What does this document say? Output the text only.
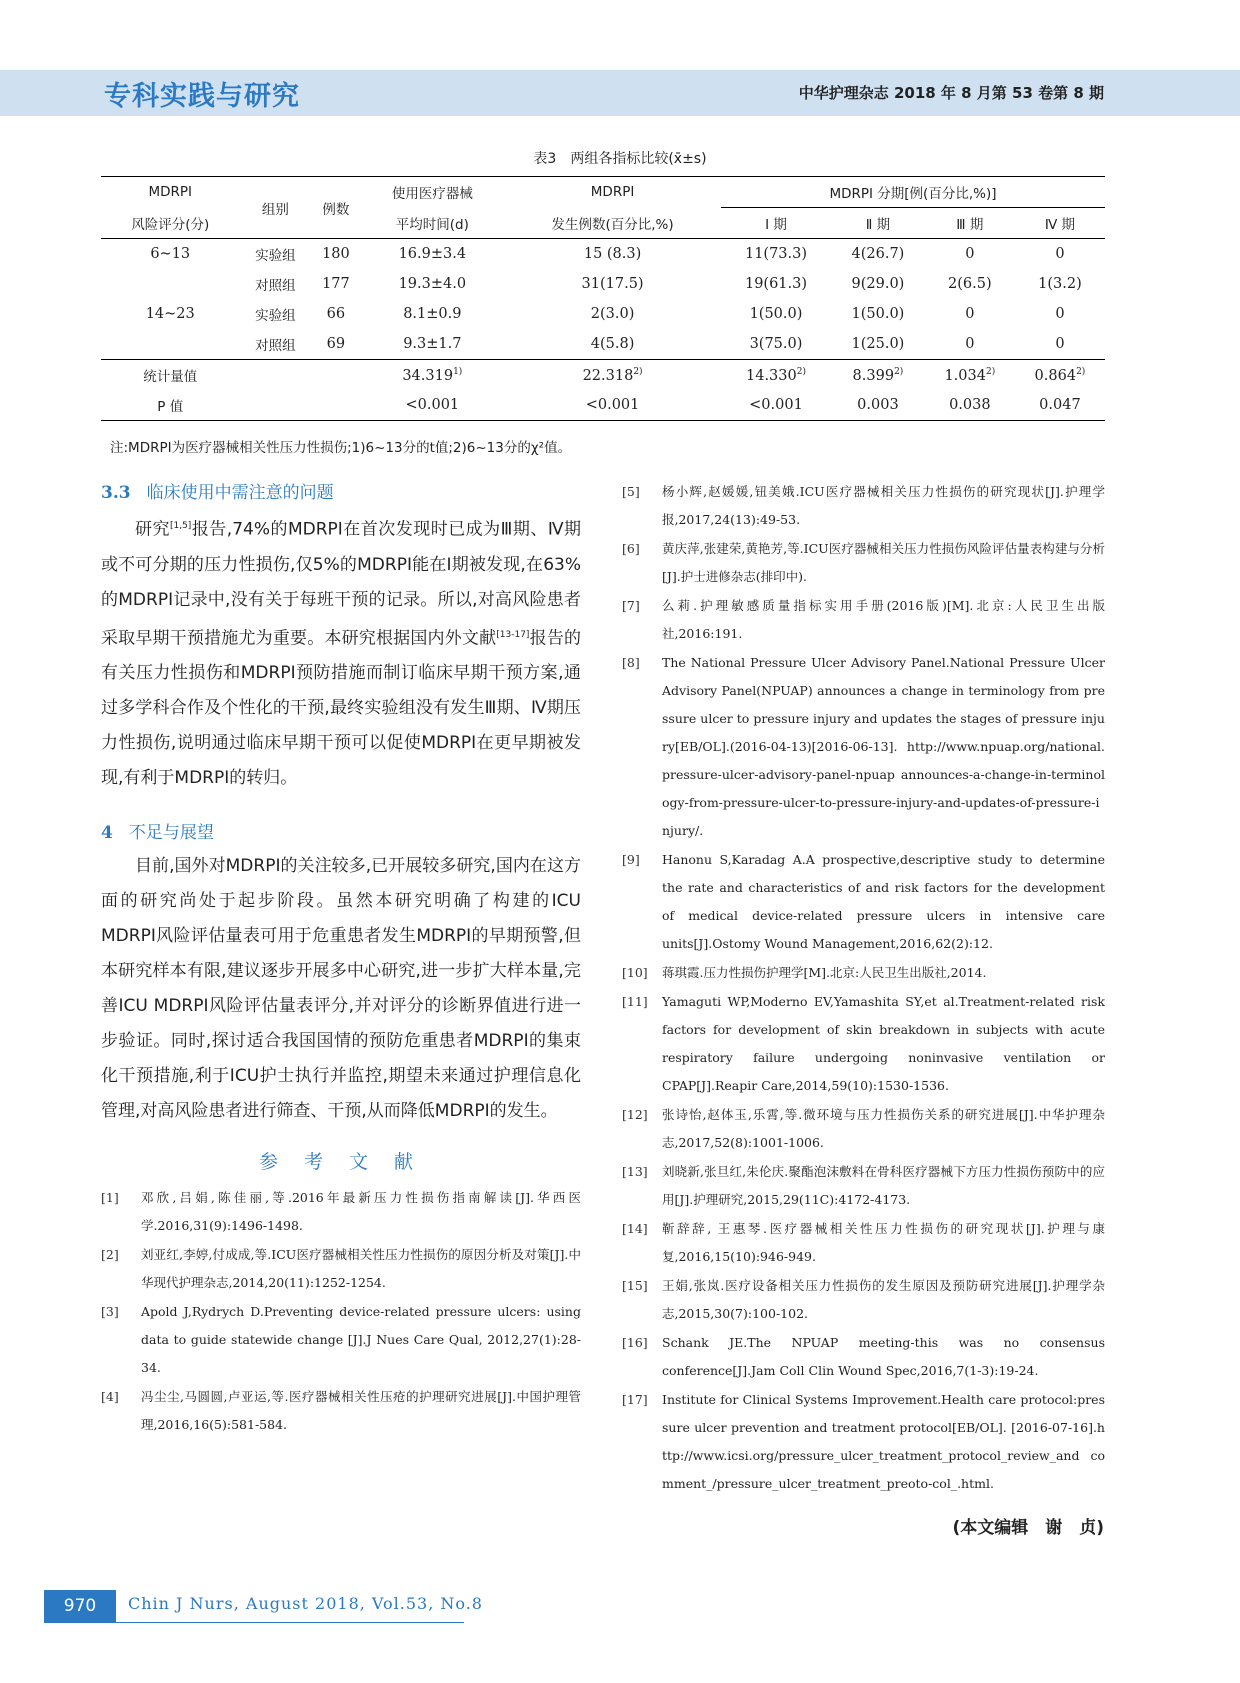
专科实践与研究	中华护理杂志 2018 年 8 月第 53 卷第 8 期
表3　两组各指标比较(x̄±s)
MDRPI	组别	例数	使用医疗器械	MDRPI	MDRPI 分期[例(百分比,%)]			
风险评分(分)			平均时间(d)	发生例数(百分比,%)	Ⅰ 期	Ⅱ 期	Ⅲ 期	Ⅳ 期
6~13	实验组	180	16.9±3.4	15 (8.3)	11(73.3)	4(26.7)	0	0
	对照组	177	19.3±4.0	31(17.5)	19(61.3)	9(29.0)	2(6.5)	1(3.2)
14~23	实验组	66	8.1±0.9	2(3.0)	1(50.0)	1(50.0)	0	0
	对照组	69	9.3±1.7	4(5.8)	3(75.0)	1(25.0)	0	0
统计量值			34.319$^{1)}$	22.318$^{2)}$	14.330$^{2)}$	8.399$^{2)}$	1.034$^{2)}$	0.864$^{2)}$
P 值			<0.001	<0.001	<0.001	0.003	0.038	0.047
注:MDRPI为医疗器械相关性压力性损伤;1)6~13分的t值;2)6~13分的χ²值。
3.3 临床使用中需注意的问题

研究[1,5]报告,74%的MDRPI在首次发现时已成为Ⅲ期、Ⅳ期或不可分期的压力性损伤,仅5%的MDRPI能在Ⅰ期被发现,在63%的MDRPI记录中,没有关于每班干预的记录。所以,对高风险患者采取早期干预措施尤为重要。本研究根据国内外文献[13-17]报告的有关压力性损伤和MDRPI预防措施而制订临床早期干预方案,通过多学科合作及个性化的干预,最终实验组没有发生Ⅲ期、Ⅳ期压力性损伤,说明通过临床早期干预可以促使MDRPI在更早期被发现,有利于MDRPI的转归。

4 不足与展望

目前,国外对MDRPI的关注较多,已开展较多研究,国内在这方面的研究尚处于起步阶段。虽然本研究明确了构建的ICU MDRPI风险评估量表可用于危重患者发生MDRPI的早期预警,但本研究样本有限,建议逐步开展多中心研究,进一步扩大样本量,完善ICU MDRPI风险评估量表评分,并对评分的诊断界值进行进一步验证。同时,探讨适合我国国情的预防危重患者MDRPI的集束化干预措施,利于ICU护士执行并监控,期望未来通过护理信息化管理,对高风险患者进行筛查、干预,从而降低MDRPI的发生。

参 考 文 献
[1]	邓欣,吕娟,陈佳丽,等.2016年最新压力性损伤指南解读[J].华西医学.2016,31(9):1496-1498.
[2]	刘亚红,李婷,付成成,等.ICU医疗器械相关性压力性损伤的原因分析及对策[J].中华现代护理杂志,2014,20(11):1252-1254.
[3]	Apold J,Rydrych D.Preventing device-related pressure ulcers: using data to guide statewide change [J].J Nues Care Qual, 2012,27(1):28-34.
[4]	冯尘尘,马圆圆,卢亚运,等.医疗器械相关性压疮的护理研究进展[J].中国护理管理,2016,16(5):581-584.
[5]	杨小辉,赵媛媛,钮美娥.ICU医疗器械相关压力性损伤的研究现状[J].护理学报,2017,24(13):49-53.
[6]	黄庆萍,张建荣,黄艳芳,等.ICU医疗器械相关压力性损伤风险评估量表构建与分析[J].护士进修杂志(排印中).
[7]	么莉.护理敏感质量指标实用手册(2016版)[M].北京:人民卫生出版社,2016:191.
[8]	The National Pressure Ulcer Advisory Panel.National Pressure Ulcer Advisory Panel(NPUAP) announces a change in terminology from pressure ulcer to pressure injury and updates the stages of pressure injury[EB/OL].(2016-04-13)[2016-06-13]. http://www.npuap.org/national.pressure-ulcer-advisory-panel-npuap announces-a-change-in-terminology-from-pressure-ulcer-to-pressure-injury-and-updates-of-pressure-injury/.
[9]	Hanonu S,Karadag A.A prospective,descriptive study to determine the rate and characteristics of and risk factors for the development of medical device-related pressure ulcers in intensive care units[J].Ostomy Wound Management,2016,62(2):12.
[10]	蒋琪霞.压力性损伤护理学[M].北京:人民卫生出版社,2014.
[11]	Yamaguti WP,Moderno EV,Yamashita SY,et al.Treatment-related risk factors for development of skin breakdown in subjects with acute respiratory failure undergoing noninvasive ventilation or CPAP[J].Reapir Care,2014,59(10):1530-1536.
[12]	张诗怡,赵体玉,乐霄,等.微环境与压力性损伤关系的研究进展[J].中华护理杂志,2017,52(8):1001-1006.
[13]	刘晓新,张旦红,朱伦庆.聚酯泡沫敷料在骨科医疗器械下方压力性损伤预防中的应用[J].护理研究,2015,29(11C):4172-4173.
[14]	靳辞辞, 王惠琴.医疗器械相关性压力性损伤的研究现状[J].护理与康复,2016,15(10):946-949.
[15]	王娟,张岚.医疗设备相关压力性损伤的发生原因及预防研究进展[J].护理学杂志,2015,30(7):100-102.
[16]	Schank JE.The NPUAP meeting-this was no consensus conference[J].Jam Coll Clin Wound Spec,2016,7(1-3):19-24.
[17]	Institute for Clinical Systems Improvement.Health care protocol:pressure ulcer prevention and treatment protocol[EB/OL]. [2016-07-16].http://www.icsi.org/pressure_ulcer_treatment_protocol_review_and comment_/pressure_ulcer_treatment_preoto-col_.html.
(本文编辑　谢　贞)
970	Chin J Nurs, August 2018, Vol.53, No.8
